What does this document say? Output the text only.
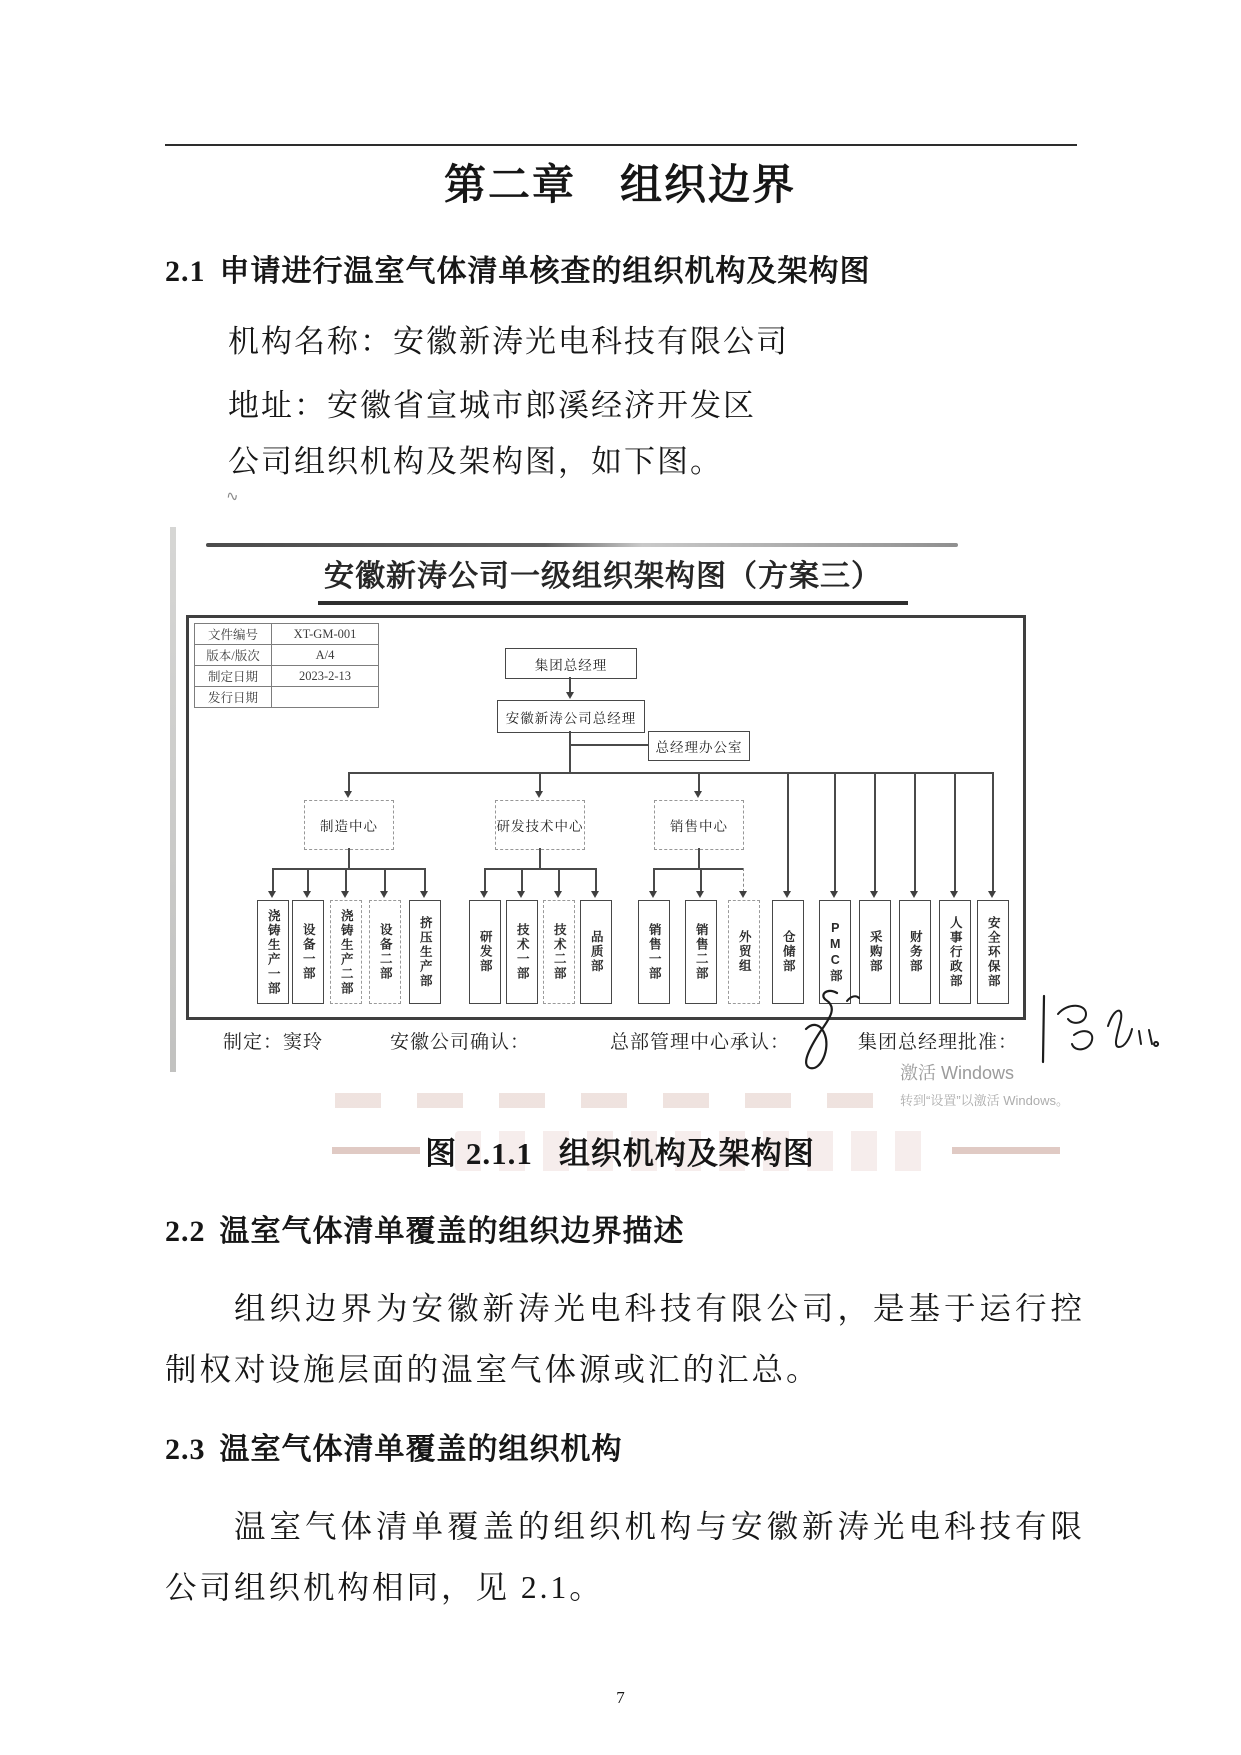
第二章　组织边界
2.1 申请进行温室气体清单核查的组织机构及架构图
机构名称：安徽新涛光电科技有限公司
地址：安徽省宣城市郎溪经济开发区
公司组织机构及架构图，如下图。
∿
安徽新涛公司一级组织架构图（方案三）
文件编号	XT-GM-001
版本/版次	A/4
制定日期	2023-2-13
发行日期	
集团总经理
安徽新涛公司总经理
总经理办公室
制造中心	研发技术中心	销售中心
浇铸生产一部 设备一部 浇铸生产二部 设备二部 挤压生产部	研发部 技术一部 技术二部 品质部	销售一部	销售二部 外贸组 仓储部	PMC部 采购部 财务部 人事行政部 安全环保部
制定：窦玲	安徽公司确认：	总部管理中心承认：	集团总经理批准：
激活 Windows
转到“设置”以激活 Windows。
图 2.1.1 组织机构及架构图
2.2 温室气体清单覆盖的组织边界描述
组织边界为安徽新涛光电科技有限公司，是基于运行控制权对设施层面的温室气体源或汇的汇总。
2.3 温室气体清单覆盖的组织机构
温室气体清单覆盖的组织机构与安徽新涛光电科技有限公司组织机构相同，见 2.1。
7
